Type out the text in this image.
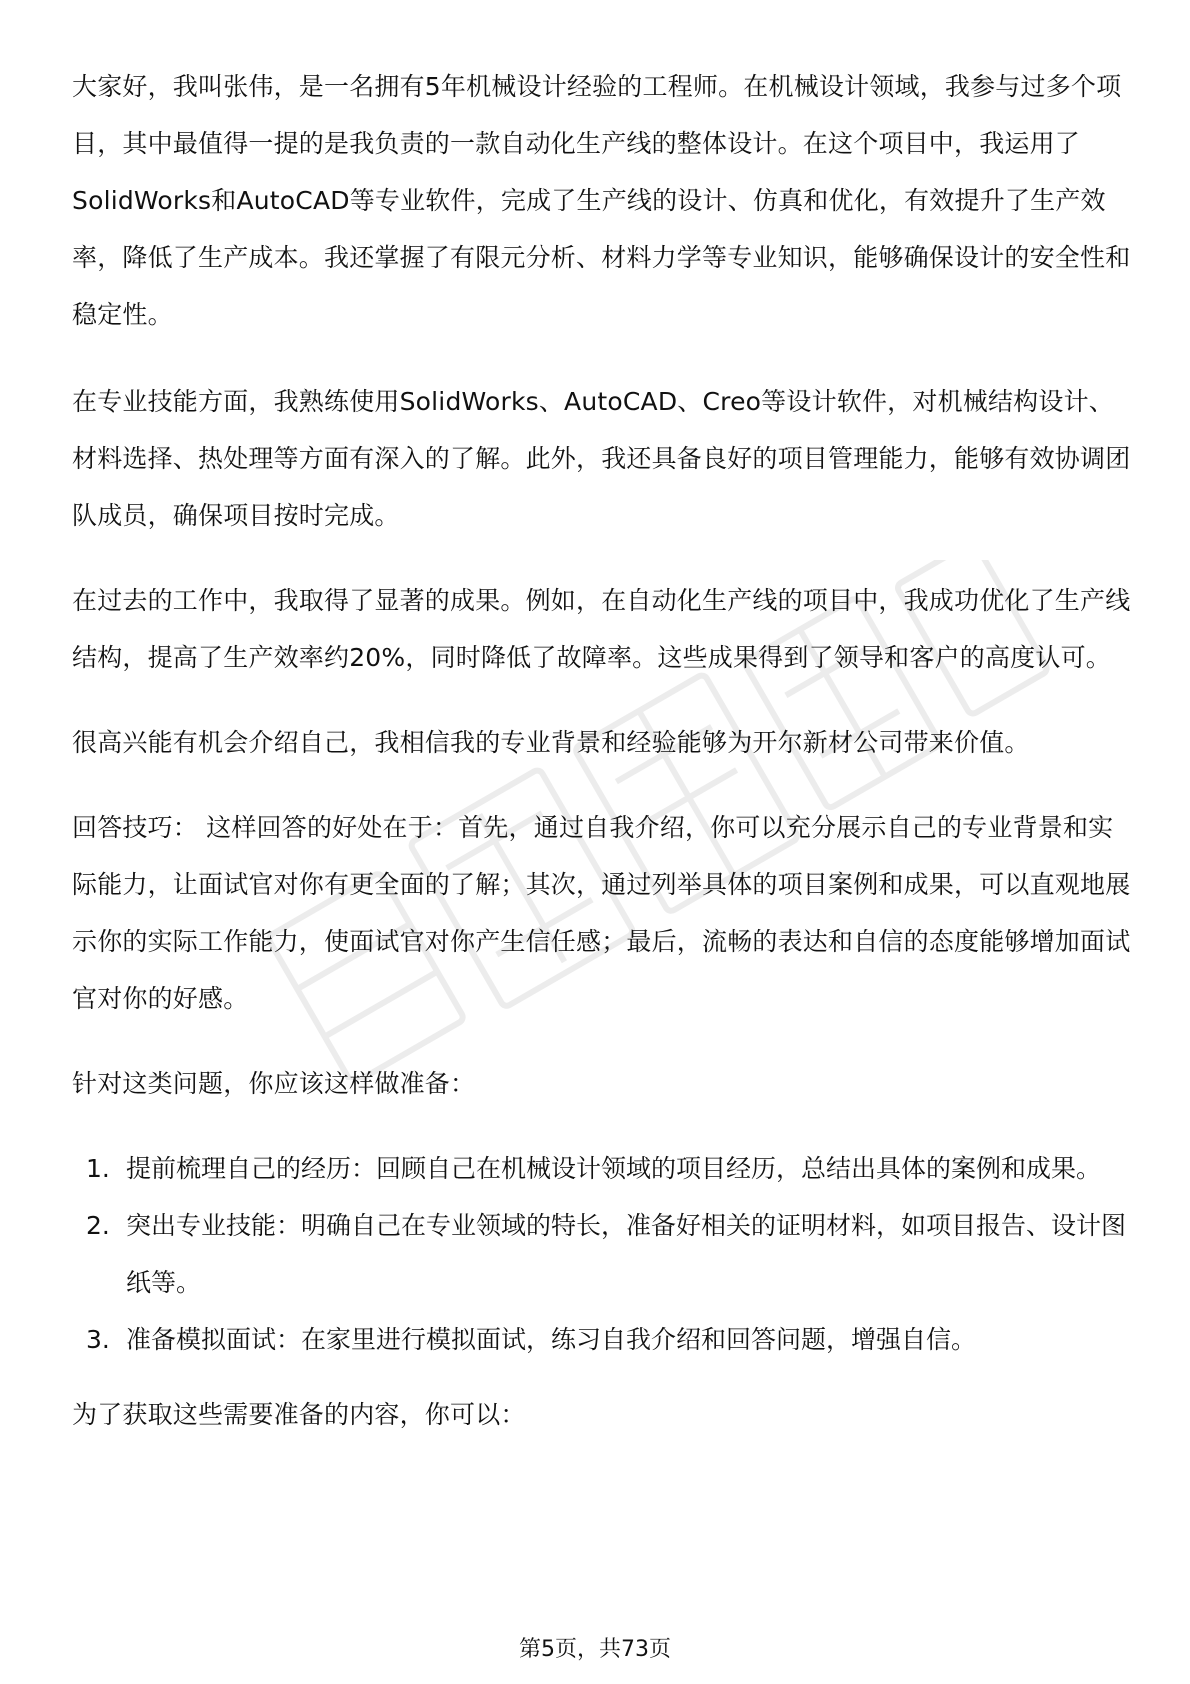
大家好，我叫张伟，是一名拥有5年机械设计经验的工程师。在机械设计领域，我参与过多个项目，其中最值得一提的是我负责的一款自动化生产线的整体设计。在这个项目中，我运用了SolidWorks和AutoCAD等专业软件，完成了生产线的设计、仿真和优化，有效提升了生产效率，降低了生产成本。我还掌握了有限元分析、材料力学等专业知识，能够确保设计的安全性和稳定性。

在专业技能方面，我熟练使用SolidWorks、AutoCAD、Creo等设计软件，对机械结构设计、材料选择、热处理等方面有深入的了解。此外，我还具备良好的项目管理能力，能够有效协调团队成员，确保项目按时完成。

在过去的工作中，我取得了显著的成果。例如，在自动化生产线的项目中，我成功优化了生产线结构，提高了生产效率约20%，同时降低了故障率。这些成果得到了领导和客户的高度认可。

很高兴能有机会介绍自己，我相信我的专业背景和经验能够为开尔新材公司带来价值。

回答技巧： 这样回答的好处在于：首先，通过自我介绍，你可以充分展示自己的专业背景和实际能力，让面试官对你有更全面的了解；其次，通过列举具体的项目案例和成果，可以直观地展示你的实际工作能力，使面试官对你产生信任感；最后，流畅的表达和自信的态度能够增加面试官对你的好感。

针对这类问题，你应该这样做准备：

1. 提前梳理自己的经历：回顾自己在机械设计领域的项目经历，总结出具体的案例和成果。
2. 突出专业技能：明确自己在专业领域的特长，准备好相关的证明材料，如项目报告、设计图纸等。
3. 准备模拟面试：在家里进行模拟面试，练习自我介绍和回答问题，增强自信。

为了获取这些需要准备的内容，你可以：

第5页，共73页
